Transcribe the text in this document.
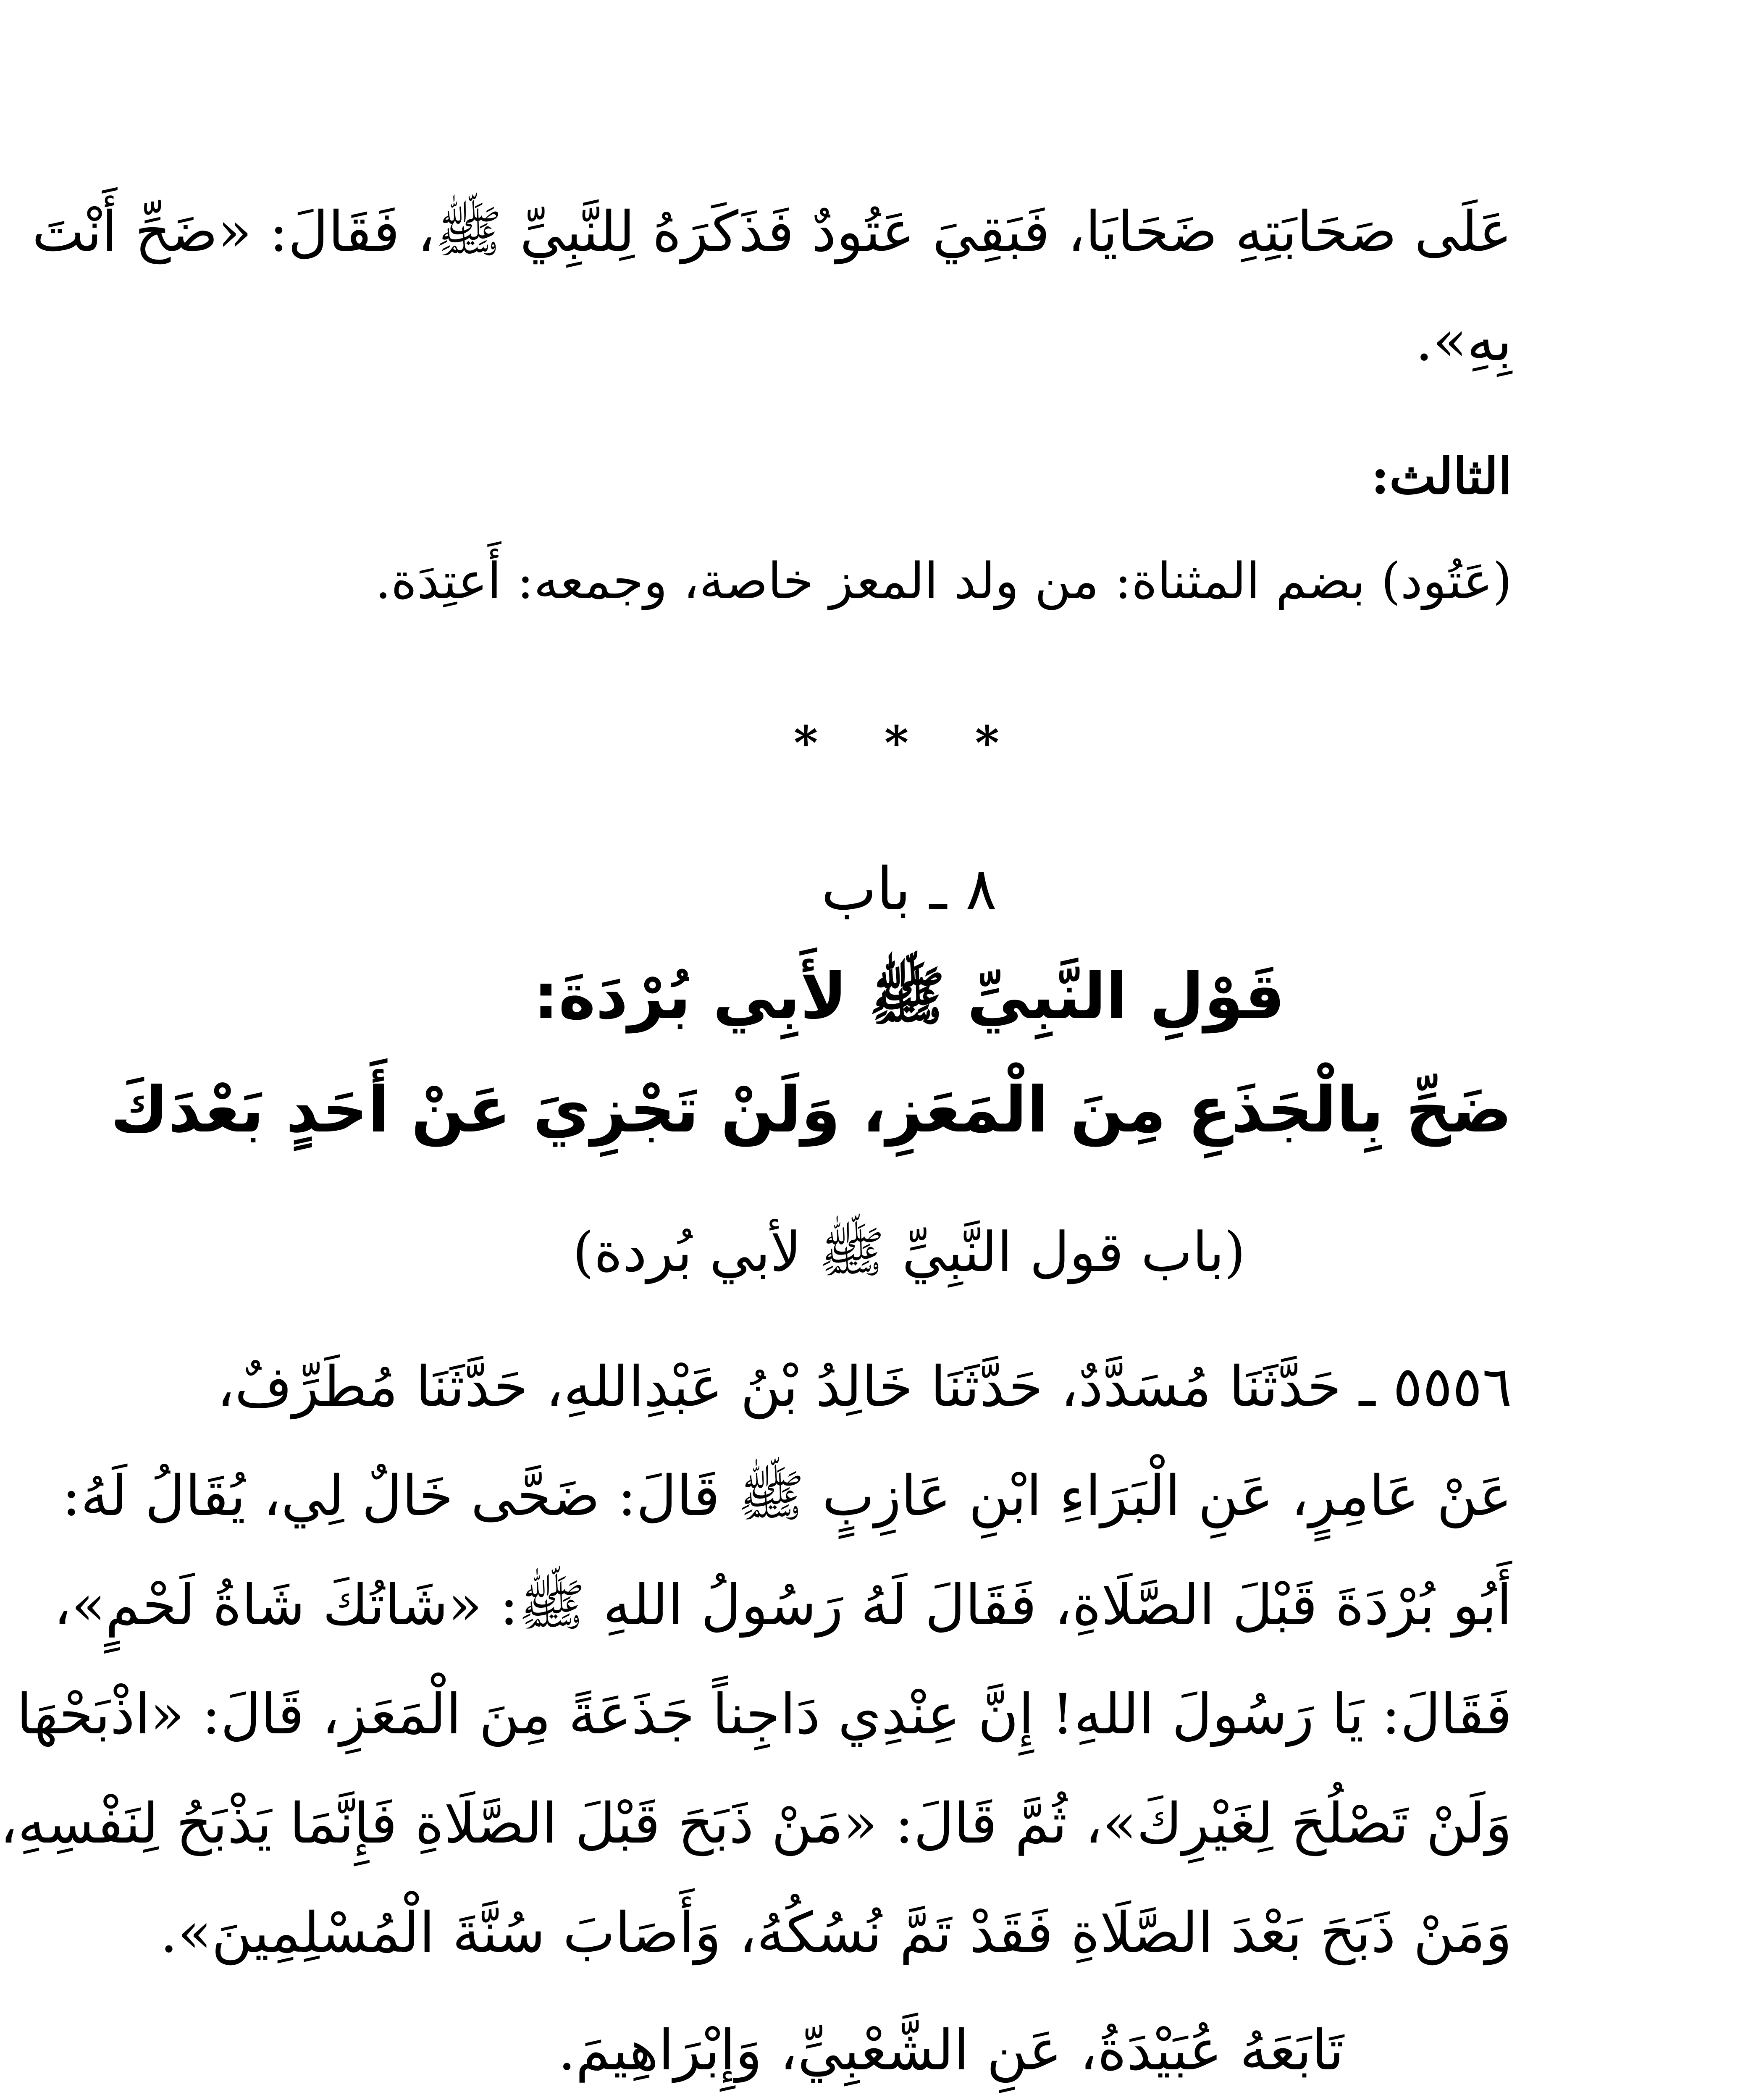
عَلَى صَحَابَتِهِ ضَحَايَا، فَبَقِيَ عَتُودٌ فَذَكَرَهُ لِلنَّبِيِّ ﷺ، فَقَالَ: «ضَحِّ أَنْتَ
بِهِ».
الثالث:
(عَتُود) بضم المثناة: من ولد المعز خاصة، وجمعه: أَعتِدَة.
* * *
٨ ـ باب
قَوْلِ النَّبِيِّ ﷺ لأَبِي بُرْدَةَ:
ضَحِّ بِالْجَذَعِ مِنَ الْمَعَزِ، وَلَنْ تَجْزِيَ عَنْ أَحَدٍ بَعْدَكَ
(باب قول النَّبِيِّ ﷺ لأبي بُردة)
٥٥٥٦ ـ حَدَّثَنَا مُسَدَّدٌ، حَدَّثَنَا خَالِدُ بْنُ عَبْدِاللهِ، حَدَّثَنَا مُطَرِّفٌ،
عَنْ عَامِرٍ، عَنِ الْبَرَاءِ ابْنِ عَازِبٍ ﷺ قَالَ: ضَحَّى خَالٌ لِي، يُقَالُ لَهُ:
أَبُو بُرْدَةَ قَبْلَ الصَّلَاةِ، فَقَالَ لَهُ رَسُولُ اللهِ ﷺ: «شَاتُكَ شَاةُ لَحْمٍ»،
فَقَالَ: يَا رَسُولَ اللهِ! إِنَّ عِنْدِي دَاجِناً جَذَعَةً مِنَ الْمَعَزِ، قَالَ: «اذْبَحْهَا
وَلَنْ تَصْلُحَ لِغَيْرِكَ»، ثُمَّ قَالَ: «مَنْ ذَبَحَ قَبْلَ الصَّلَاةِ فَإِنَّمَا يَذْبَحُ لِنَفْسِهِ،
وَمَنْ ذَبَحَ بَعْدَ الصَّلَاةِ فَقَدْ تَمَّ نُسُكُهُ، وَأَصَابَ سُنَّةَ الْمُسْلِمِينَ».
تَابَعَهُ عُبَيْدَةُ، عَنِ الشَّعْبِيِّ، وَإِبْرَاهِيمَ.
